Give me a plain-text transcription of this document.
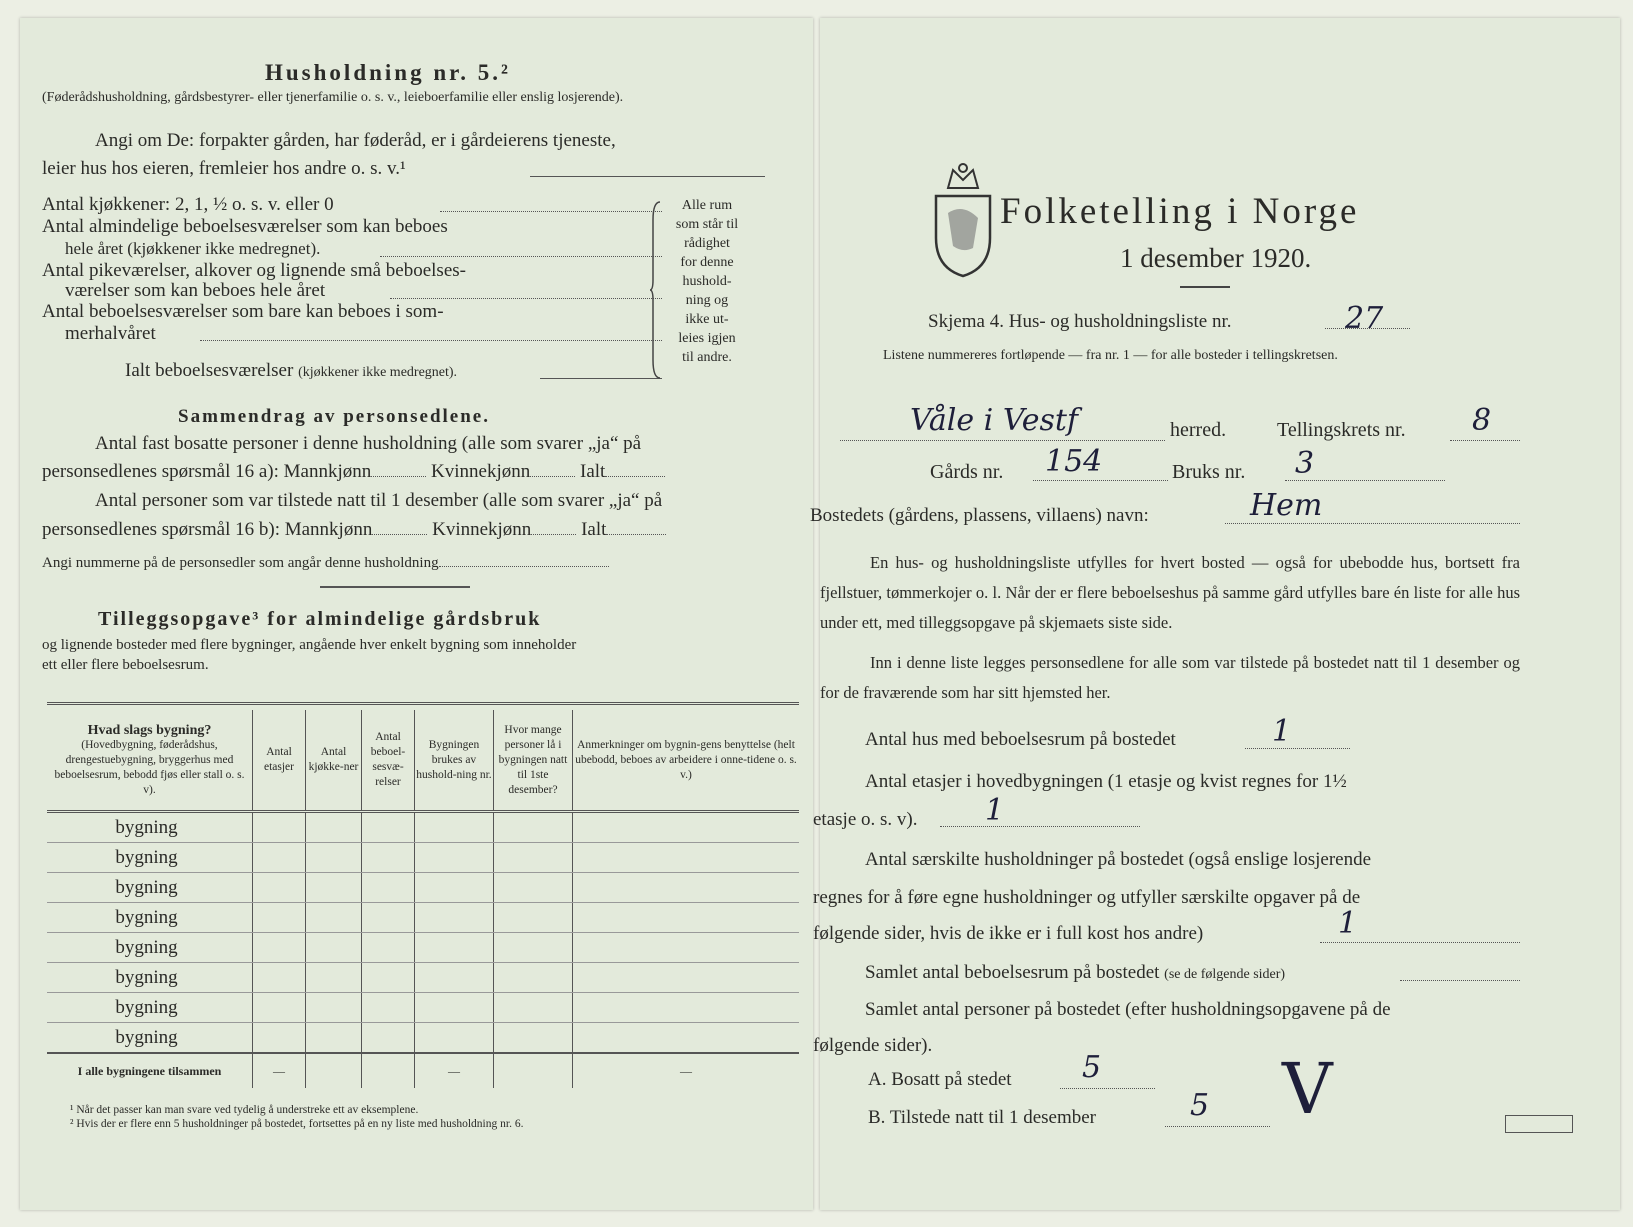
Husholdning nr. 5.²
(Føderådshusholdning, gårdsbestyrer- eller tjenerfamilie o. s. v., leieboerfamilie eller enslig losjerende).
Angi om De: forpakter gården, har føderåd, er i gårdeierens tjeneste,
leier hus hos eieren, fremleier hos andre o. s. v.¹
Antal kjøkkener: 2, 1, ½ o. s. v. eller 0
Antal almindelige beboelsesværelser som kan beboes
hele året (kjøkkener ikke medregnet).
Antal pikeværelser, alkover og lignende små beboelses-
værelser som kan beboes hele året
Antal beboelsesværelser som bare kan beboes i som-
merhalvåret
Ialt beboelsesværelser (kjøkkener ikke medregnet).
Alle rum
som står til
rådighet
for denne
hushold-
ning og
ikke ut-
leies igjen
til andre.
Sammendrag av personsedlene.
Antal fast bosatte personer i denne husholdning (alle som svarer „ja“ på
personsedlenes spørsmål 16 a): Mannkjønn	Kvinnekjønn	Ialt
Antal personer som var tilstede natt til 1 desember (alle som svarer „ja“ på
personsedlenes spørsmål 16 b): Mannkjønn	Kvinnekjønn	Ialt
Angi nummerne på de personsedler som angår denne husholdning
Tilleggsopgave³ for almindelige gårdsbruk
og lignende bosteder med flere bygninger, angående hver enkelt bygning som inneholder
ett eller flere beboelsesrum.
Hvad slags bygning?
(Hovedbygning, føderådshus, drengestuebygning, bryggerhus med beboelsesrum, bebodd fjøs eller stall o. s. v).	Antal etasjer	Antal kjøkke-ner	Antal beboel-sesvæ-relser	Bygningen brukes av hushold-ning nr.	Hvor mange personer lå i bygningen natt til 1ste desember?	Anmerkninger om bygnin-gens benyttelse (helt ubebodd, beboes av arbeidere i onne-tidene o. s. v.)

bygning						
bygning						
bygning						
bygning						
bygning						
bygning						
bygning						
bygning						
I alle bygningene tilsammen	—			—		—
¹ Når det passer kan man svare ved tydelig å understreke ett av eksemplene.
² Hvis der er flere enn 5 husholdninger på bostedet, fortsettes på en ny liste med husholdning nr. 6.
Folketelling i Norge
1 desember 1920.
Skjema 4. Hus- og husholdningsliste nr.	27
Listene nummereres fortløpende — fra nr. 1 — for alle bosteder i tellingskretsen.
Våle i Vestf	herred.	Tellingskrets nr. 8
Gårds nr. 154	Bruks nr. 3
Bostedets (gårdens, plassens, villaens) navn:	Hem
En hus- og husholdningsliste utfylles for hvert bosted — også for ubebodde hus, bortsett fra fjellstuer, tømmerkojer o. l. Når der er flere beboelseshus på samme gård utfylles bare én liste for alle hus under ett, med tilleggsopgave på skjemaets siste side.
Inn i denne liste legges personsedlene for alle som var tilstede på bostedet natt til 1 desember og for de fraværende som har sitt hjemsted her.
Antal hus med beboelsesrum på bostedet	1
Antal etasjer i hovedbygningen (1 etasje og kvist regnes for 1½
etasje o. s. v). 1
Antal særskilte husholdninger på bostedet (også enslige losjerende
regnes for å føre egne husholdninger og utfyller særskilte opgaver på de
følgende sider, hvis de ikke er i full kost hos andre)	1
Samlet antal beboelsesrum på bostedet (se de følgende sider)
Samlet antal personer på bostedet (efter husholdningsopgavene på de
følgende sider).
A. Bosatt på stedet 5
B. Tilstede natt til 1 desember	5 V
